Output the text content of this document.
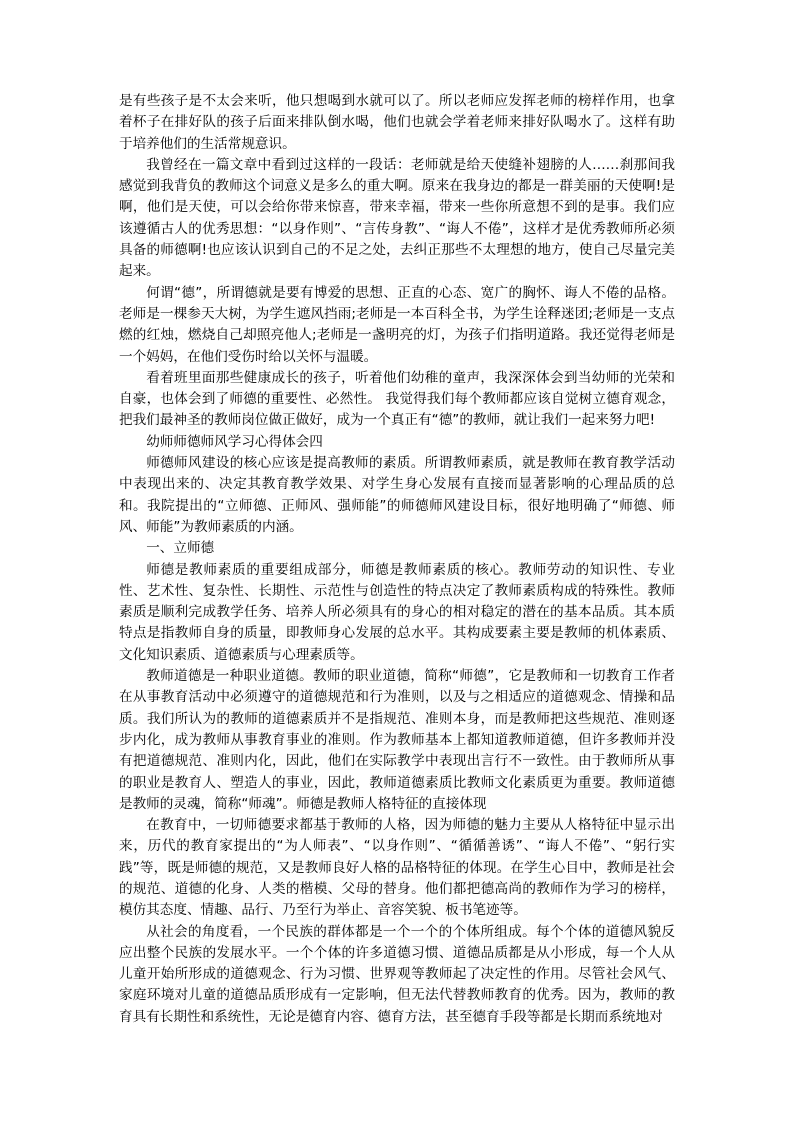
是有些孩子是不太会来听，他只想喝到水就可以了。所以老师应发挥老师的榜样作用，也拿着杯子在排好队的孩子后面来排队倒水喝，他们也就会学着老师来排好队喝水了。这样有助于培养他们的生活常规意识。

我曾经在一篇文章中看到过这样的一段话：老师就是给天使缝补翅膀的人……刹那间我感觉到我背负的教师这个词意义是多么的重大啊。原来在我身边的都是一群美丽的天使啊!是啊，他们是天使，可以会给你带来惊喜，带来幸福，带来一些你所意想不到的是事。我们应该遵循古人的优秀思想：“以身作则”、“言传身教”、“诲人不倦”，这样才是优秀教师所必须具备的师德啊!也应该认识到自己的不足之处，去纠正那些不太理想的地方，使自己尽量完美起来。

何谓“德”，所谓德就是要有博爱的思想、正直的心态、宽广的胸怀、诲人不倦的品格。老师是一棵参天大树，为学生遮风挡雨;老师是一本百科全书，为学生诠释迷团;老师是一支点燃的红烛，燃烧自己却照亮他人;老师是一盏明亮的灯，为孩子们指明道路。我还觉得老师是一个妈妈，在他们受伤时给以关怀与温暖。

看着班里面那些健康成长的孩子，听着他们幼稚的童声，我深深体会到当幼师的光荣和自豪，也体会到了师德的重要性、必然性。 我觉得我们每个教师都应该自觉树立德育观念，把我们最神圣的教师岗位做正做好，成为一个真正有“德”的教师，就让我们一起来努力吧!

幼师师德师风学习心得体会四

师德师风建设的核心应该是提高教师的素质。所谓教师素质，就是教师在教育教学活动中表现出来的、决定其教育教学效果、对学生身心发展有直接而显著影响的心理品质的总和。我院提出的“立师德、正师风、强师能”的师德师风建设目标，很好地明确了“师德、师风、师能”为教师素质的内涵。

一、立师德

师德是教师素质的重要组成部分，师德是教师素质的核心。教师劳动的知识性、专业性、艺术性、复杂性、长期性、示范性与创造性的特点决定了教师素质构成的特殊性。教师素质是顺利完成教学任务、培养人所必须具有的身心的相对稳定的潜在的基本品质。其本质特点是指教师自身的质量，即教师身心发展的总水平。其构成要素主要是教师的机体素质、文化知识素质、道德素质与心理素质等。

教师道德是一种职业道德。教师的职业道德，简称“师德”，它是教师和一切教育工作者在从事教育活动中必须遵守的道德规范和行为准则，以及与之相适应的道德观念、情操和品质。我们所认为的教师的道德素质并不是指规范、准则本身，而是教师把这些规范、准则逐步内化，成为教师从事教育事业的准则。作为教师基本上都知道教师道德，但许多教师并没有把道德规范、准则内化，因此，他们在实际教学中表现出言行不一致性。由于教师所从事的职业是教育人、塑造人的事业，因此，教师道德素质比教师文化素质更为重要。教师道德是教师的灵魂，简称“师魂”。师德是教师人格特征的直接体现

在教育中，一切师德要求都基于教师的人格，因为师德的魅力主要从人格特征中显示出来，历代的教育家提出的“为人师表”、“以身作则”、“循循善诱”、“诲人不倦”、“躬行实践”等，既是师德的规范，又是教师良好人格的品格特征的体现。在学生心目中，教师是社会的规范、道德的化身、人类的楷模、父母的替身。他们都把德高尚的教师作为学习的榜样，模仿其态度、情趣、品行、乃至行为举止、音容笑貌、板书笔迹等。

从社会的角度看，一个民族的群体都是一个一个的个体所组成。每个个体的道德风貌反应出整个民族的发展水平。一个个体的许多道德习惯、道德品质都是从小形成，每一个人从儿童开始所形成的道德观念、行为习惯、世界观等教师起了决定性的作用。尽管社会风气、家庭环境对儿童的道德品质形成有一定影响，但无法代替教师教育的优秀。因为，教师的教育具有长期性和系统性，无论是德育内容、德育方法，甚至德育手段等都是长期而系统地对
